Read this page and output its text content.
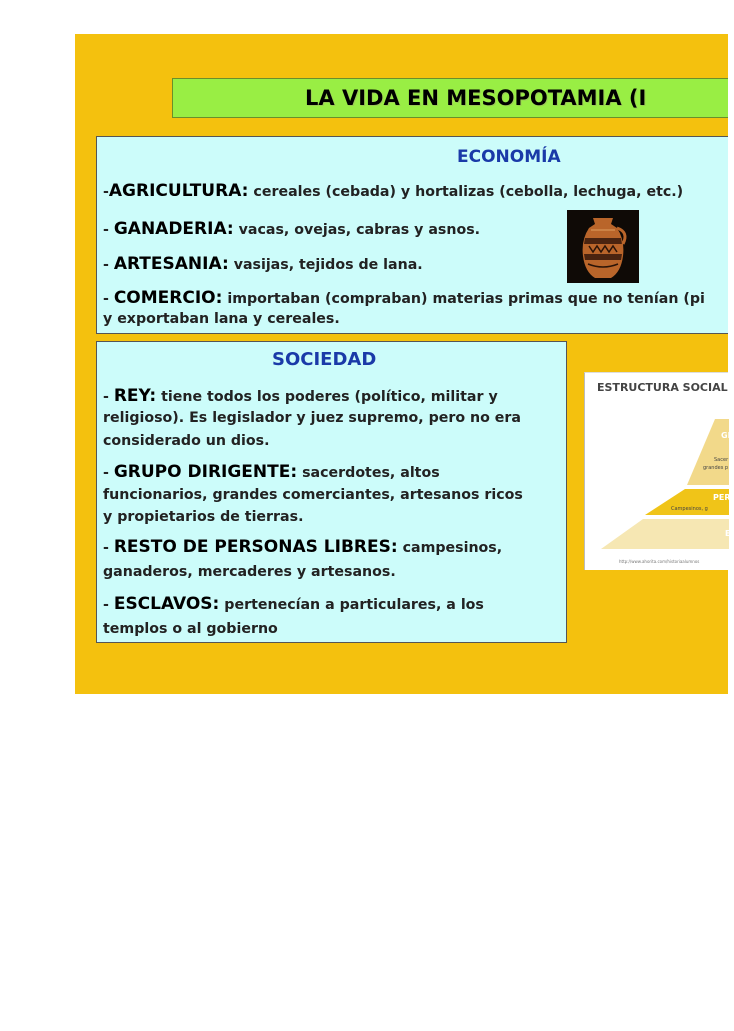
LA VIDA EN MESOPOTAMIA (I
ECONOMÍA
-AGRICULTURA: cereales (cebada) y hortalizas (cebolla, lechuga, etc.)
- GANADERIA: vacas, ovejas, cabras y asnos.
- ARTESANIA: vasijas, tejidos de lana.
- COMERCIO: importaban (compraban) materias primas que no tenían (pi
y exportaban lana y cereales.
SOCIEDAD
- REY: tiene todos los poderes (político, militar y
religioso). Es legislador y juez supremo, pero no era
considerado un dios.
- GRUPO DIRIGENTE: sacerdotes, altos
funcionarios, grandes comerciantes, artesanos ricos
y propietarios de tierras.
- RESTO DE PERSONAS LIBRES: campesinos,
ganaderos, mercaderes y artesanos.
- ESCLAVOS: pertenecían a particulares, a los
templos o al gobierno
ESTRUCTURA SOCIAL
GR
Sacer
grandes p
PER
Campesinos, g
E
http://www.ahorita.com/historiaalumnos
